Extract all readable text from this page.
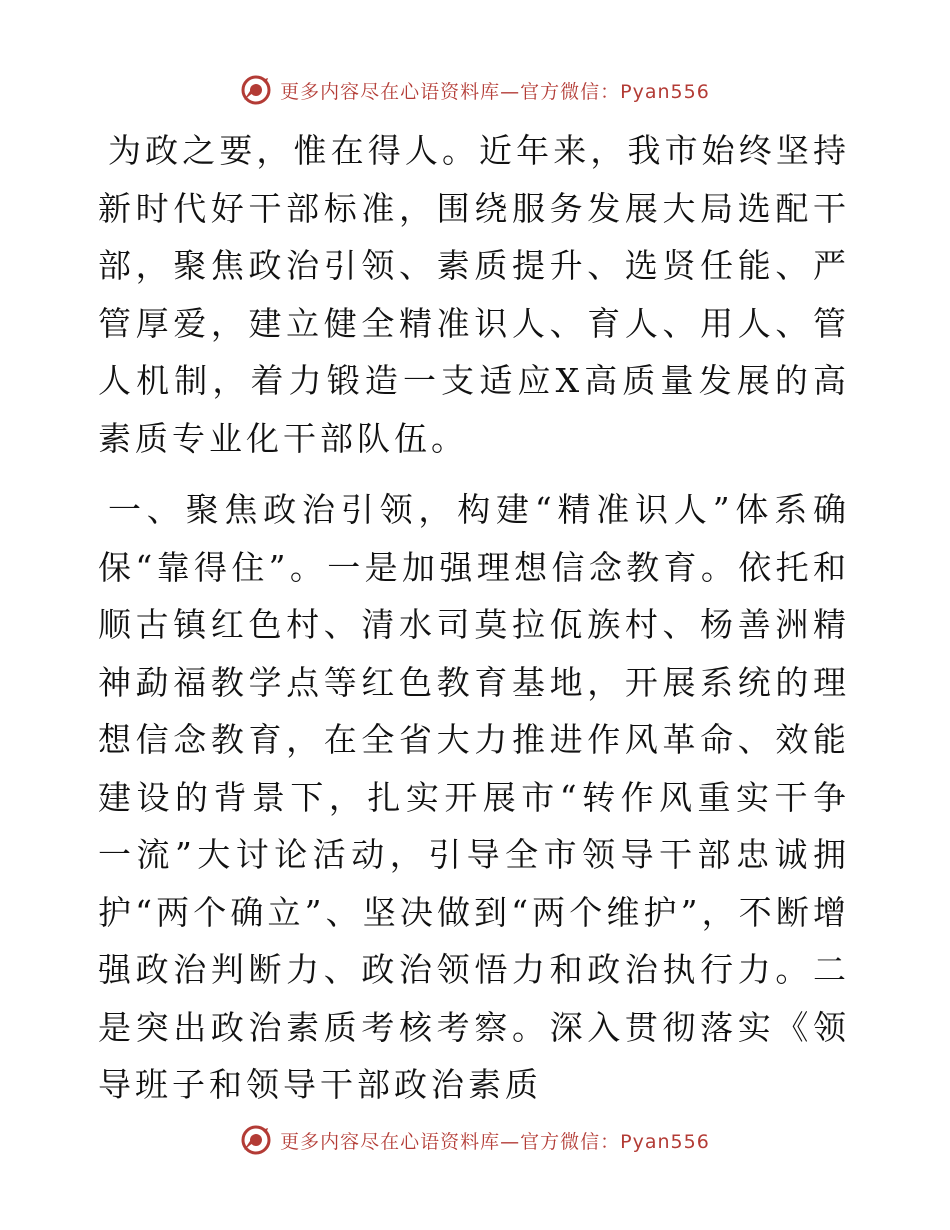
更多内容尽在心语资料库—官方微信：Pyan556

为政之要，惟在得人。近年来，我市始终坚持新时代好干部标准，围绕服务发展大局选配干部，聚焦政治引领、素质提升、选贤任能、严管厚爱，建立健全精准识人、育人、用人、管人机制，着力锻造一支适应X高质量发展的高素质专业化干部队伍。

一、聚焦政治引领，构建“精准识人”体系确保“靠得住”。一是加强理想信念教育。依托和顺古镇红色村、清水司莫拉佤族村、杨善洲精神勐福教学点等红色教育基地，开展系统的理想信念教育，在全省大力推进作风革命、效能建设的背景下，扎实开展市“转作风重实干争一流”大讨论活动，引导全市领导干部忠诚拥护“两个确立”、坚决做到“两个维护”，不断增强政治判断力、政治领悟力和政治执行力。二是突出政治素质考核考察。深入贯彻落实《领导班子和领导干部政治素质

更多内容尽在心语资料库—官方微信：Pyan556
